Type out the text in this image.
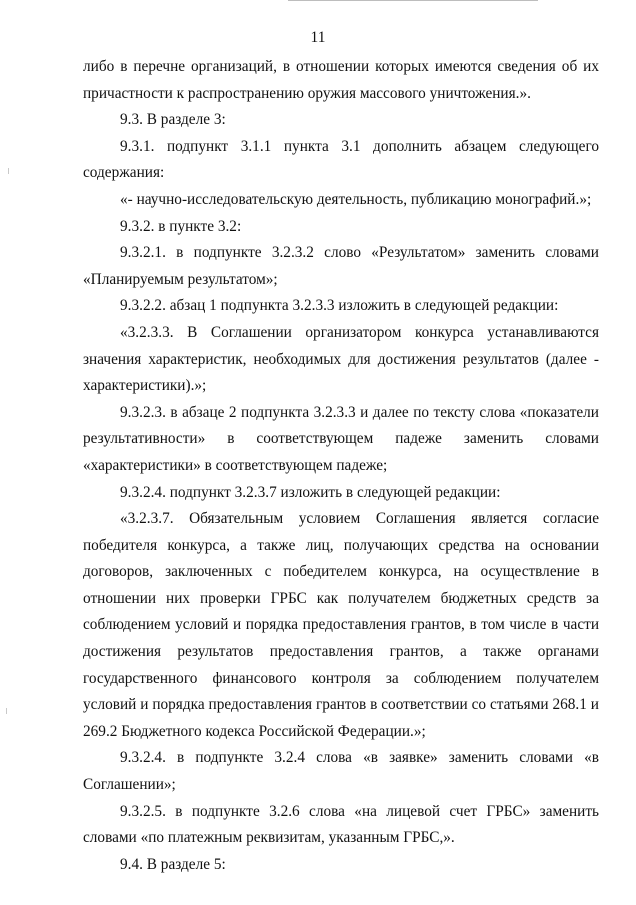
11

либо в перечне организаций, в отношении которых имеются сведения об их причастности к распространению оружия массового уничтожения.».

9.3. В разделе 3:

9.3.1. подпункт 3.1.1 пункта 3.1 дополнить абзацем следующего содержания:

«- научно-исследовательскую деятельность, публикацию монографий.»;

9.3.2. в пункте 3.2:

9.3.2.1. в подпункте 3.2.3.2 слово «Результатом» заменить словами «Планируемым результатом»;

9.3.2.2. абзац 1 подпункта 3.2.3.3 изложить в следующей редакции:

«3.2.3.3. В Соглашении организатором конкурса устанавливаются значения характеристик, необходимых для достижения результатов (далее - характеристики).»;

9.3.2.3. в абзаце 2 подпункта 3.2.3.3 и далее по тексту слова «показатели результативности» в соответствующем падеже заменить словами «характеристики» в соответствующем падеже;

9.3.2.4. подпункт 3.2.3.7 изложить в следующей редакции:

«3.2.3.7. Обязательным условием Соглашения является согласие победителя конкурса, а также лиц, получающих средства на основании договоров, заключенных с победителем конкурса, на осуществление в отношении них проверки ГРБС как получателем бюджетных средств за соблюдением условий и порядка предоставления грантов, в том числе в части достижения результатов предоставления грантов, а также органами государственного финансового контроля за соблюдением получателем условий и порядка предоставления грантов в соответствии со статьями 268.1 и 269.2 Бюджетного кодекса Российской Федерации.»;

9.3.2.4. в подпункте 3.2.4 слова «в заявке» заменить словами «в Соглашении»;

9.3.2.5. в подпункте 3.2.6 слова «на лицевой счет ГРБС» заменить словами «по платежным реквизитам, указанным ГРБС,».

9.4. В разделе 5:
